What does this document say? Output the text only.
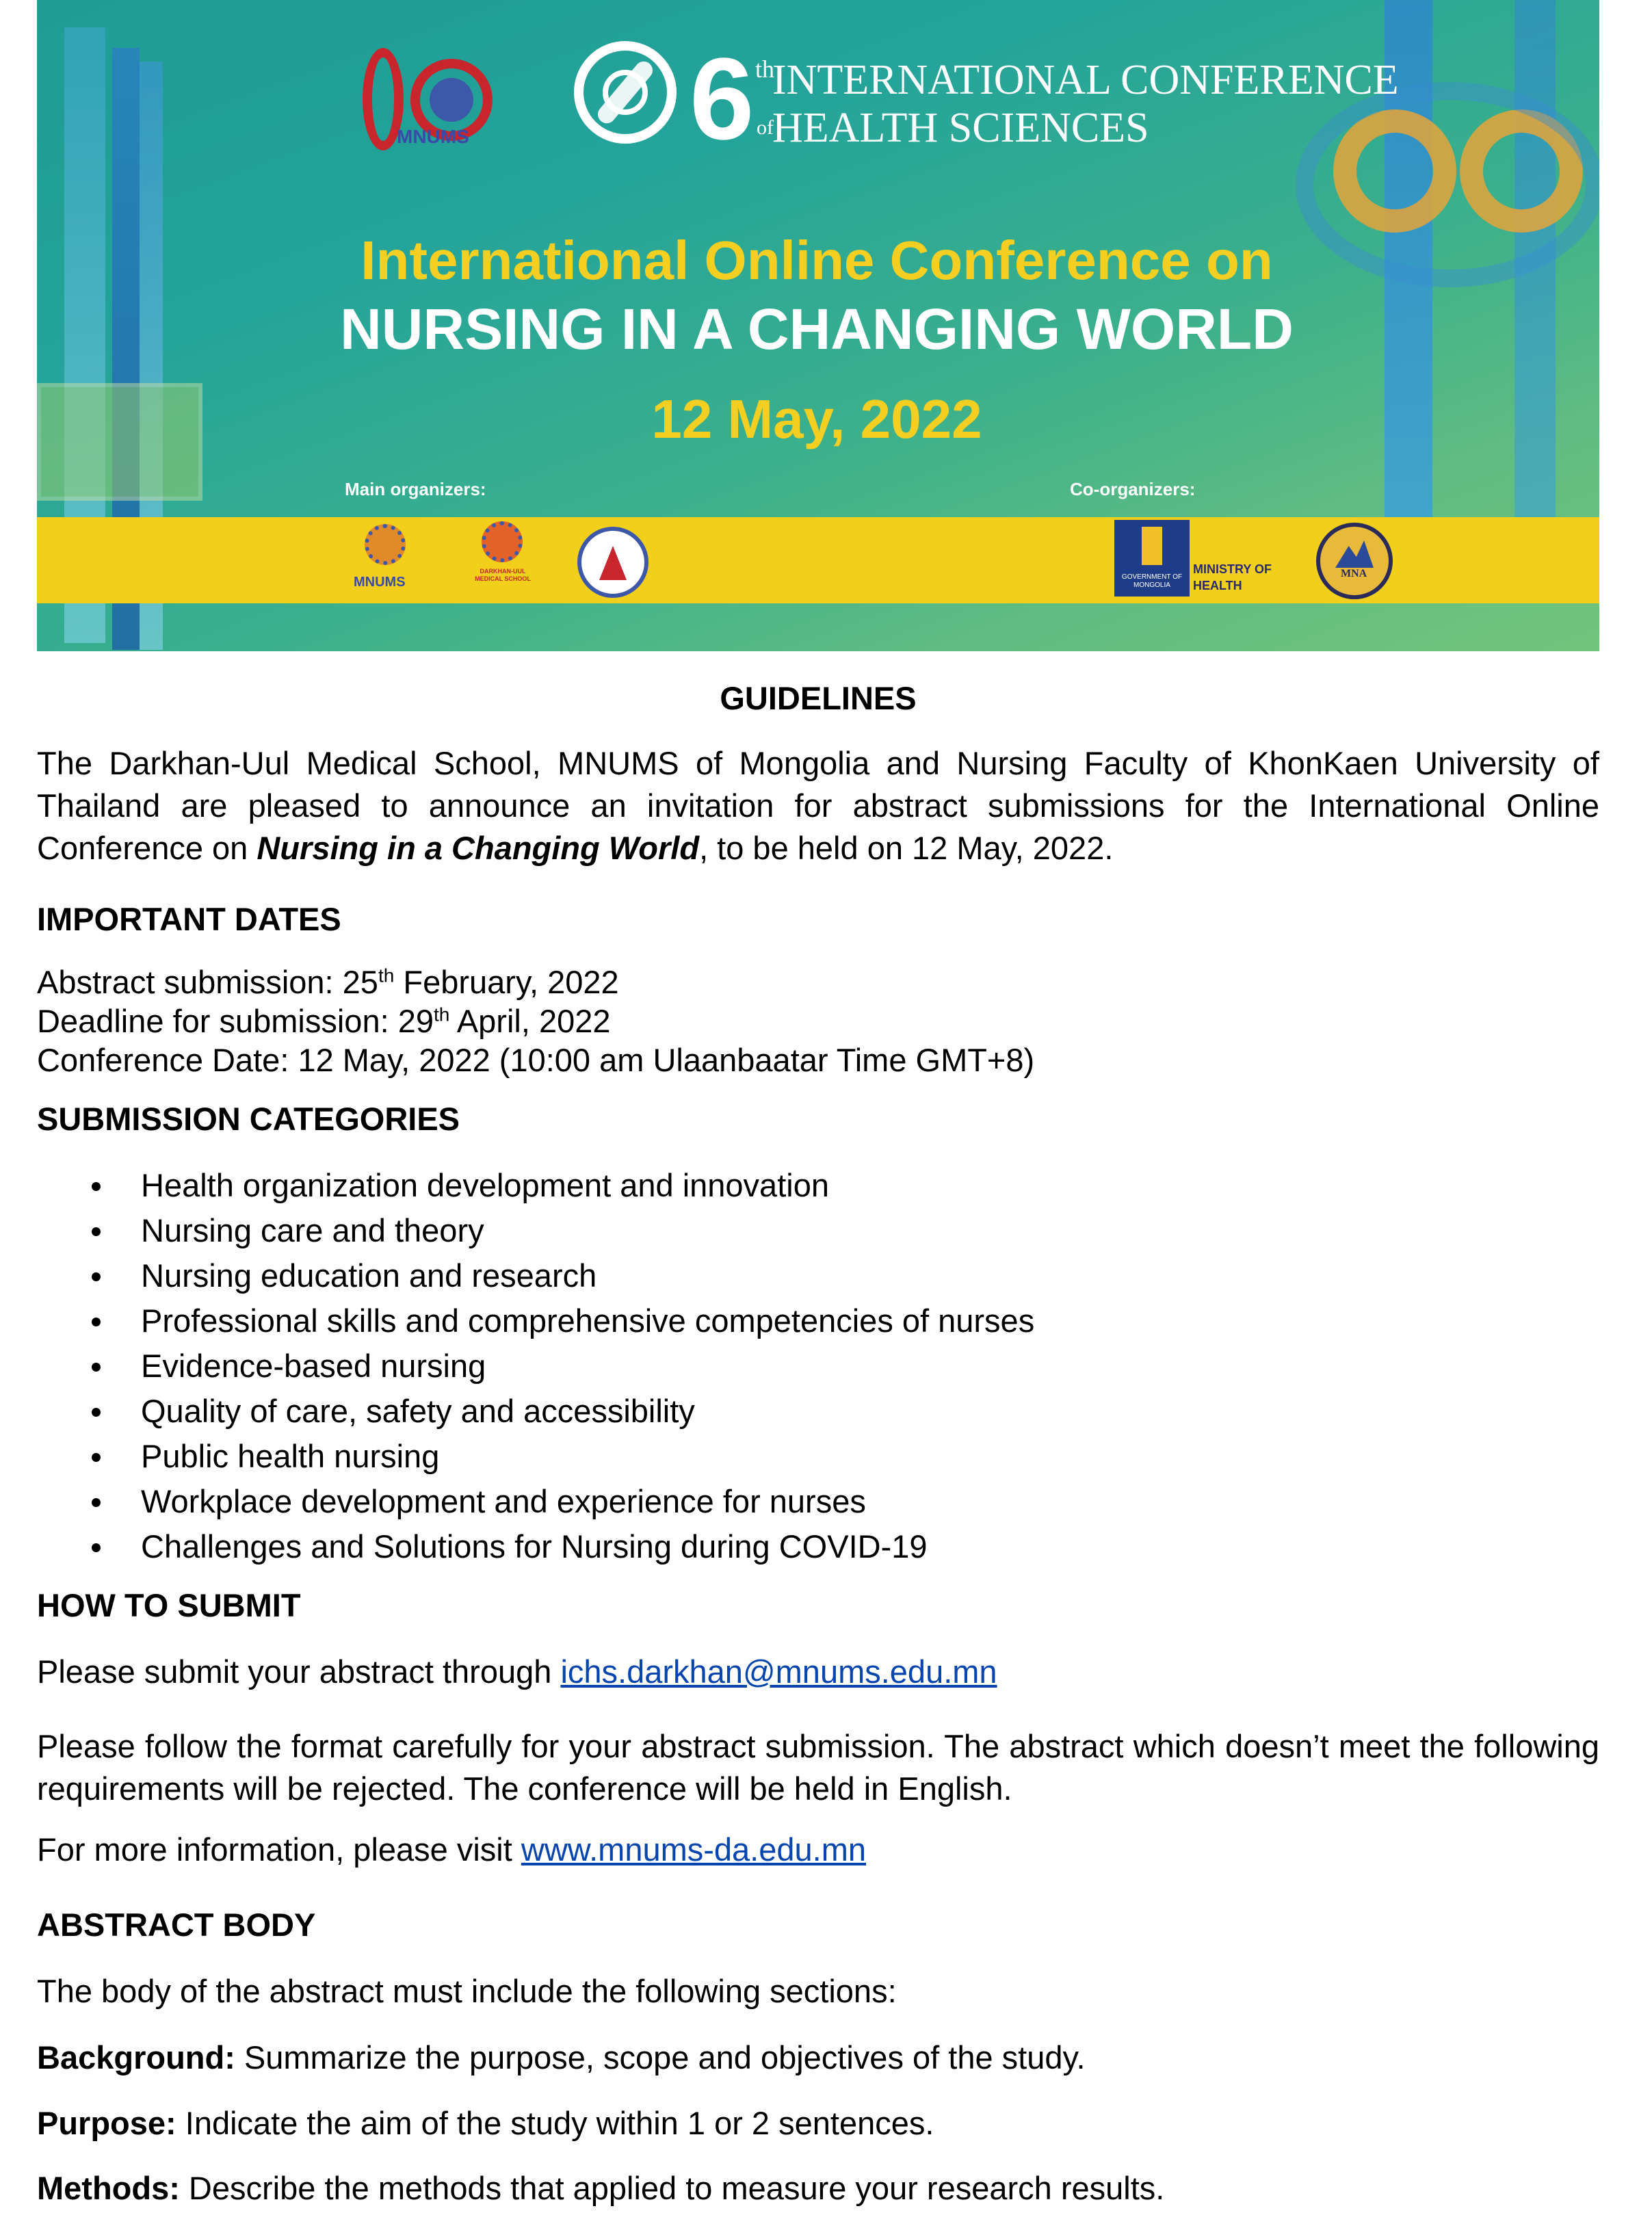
MNUMS 6 th
of
INTERNATIONAL CONFERENCE
HEALTH SCIENCES
International Online Conference on
NURSING IN A CHANGING WORLD
12 May, 2022
Main organizers:	Co-organizers:
MNUMS
DARKHAN-UUL MEDICAL SCHOOL	GOVERNMENT OF MONGOLIA
MINISTRY OF
HEALTH
MNA
GUIDELINES
The Darkhan-Uul Medical School, MNUMS of Mongolia and Nursing Faculty of KhonKaen University of Thailand are pleased to announce an invitation for abstract submissions for the International Online Conference on Nursing in a Changing World, to be held on 12 May, 2022.
IMPORTANT DATES
Abstract submission: 25th February, 2022
Deadline for submission: 29th April, 2022
Conference Date: 12 May, 2022 (10:00 am Ulaanbaatar Time GMT+8)
SUBMISSION CATEGORIES
Health organization development and innovation
Nursing care and theory
Nursing education and research
Professional skills and comprehensive competencies of nurses
Evidence-based nursing
Quality of care, safety and accessibility
Public health nursing
Workplace development and experience for nurses
Challenges and Solutions for Nursing during COVID-19
HOW TO SUBMIT
Please submit your abstract through ichs.darkhan@mnums.edu.mn
Please follow the format carefully for your abstract submission. The abstract which doesn’t meet the following requirements will be rejected. The conference will be held in English.
For more information, please visit www.mnums-da.edu.mn
ABSTRACT BODY
The body of the abstract must include the following sections:
Background: Summarize the purpose, scope and objectives of the study.
Purpose: Indicate the aim of the study within 1 or 2 sentences.
Methods: Describe the methods that applied to measure your research results.
